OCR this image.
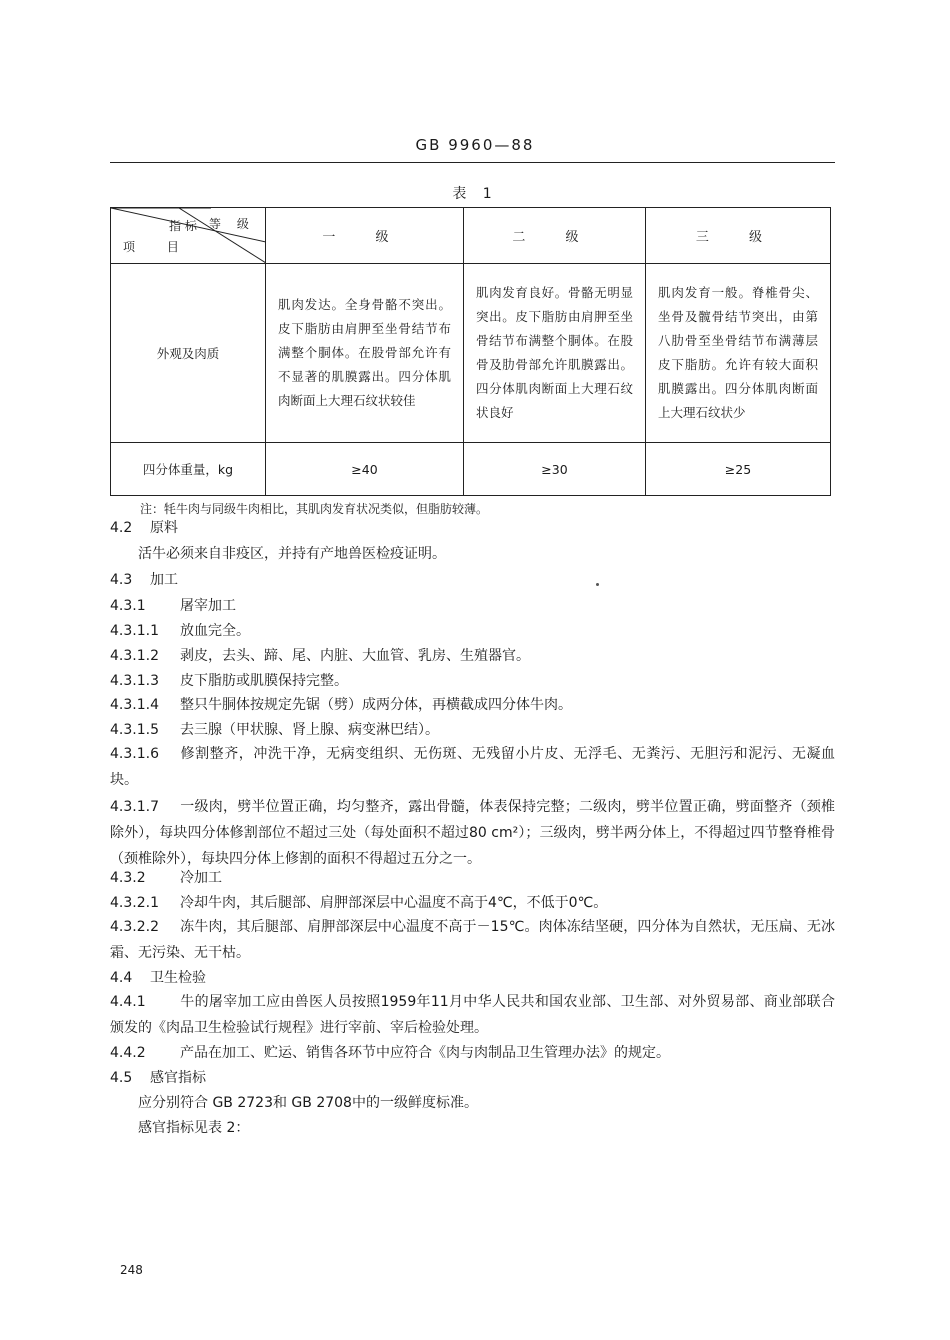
GB 9960—88
表 1
指 标 等 级
项 目	一 级	二 级	三 级
外观及肉质	肌肉发达。全身骨骼不突出。皮下脂肪由肩胛至坐骨结节布满整个胴体。在股骨部允许有不显著的肌膜露出。四分体肌肉断面上大理石纹状较佳	肌肉发育良好。骨骼无明显突出。皮下脂肪由肩胛至坐骨结节布满整个胴体。在股骨及肋骨部允许肌膜露出。四分体肌肉断面上大理石纹状良好	肌肉发育一般。脊椎骨尖、坐骨及髋骨结节突出，由第八肋骨至坐骨结节布满薄层皮下脂肪。允许有较大面积肌膜露出。四分体肌肉断面上大理石纹状少

四分体重量，kg	≥40	≥30	≥25
注：牦牛肉与同级牛肉相比，其肌肉发育状况类似，但脂肪较薄。
4.2 原料
活牛必须来自非疫区，并持有产地兽医检疫证明。
4.3 加工
4.3.1 屠宰加工
4.3.1.1 放血完全。
4.3.1.2 剥皮，去头、蹄、尾、内脏、大血管、乳房、生殖器官。
4.3.1.3 皮下脂肪或肌膜保持完整。
4.3.1.4 整只牛胴体按规定先锯（劈）成两分体，再横截成四分体牛肉。
4.3.1.5 去三腺（甲状腺、肾上腺、病变淋巴结）。
4.3.1.6 修割整齐，冲洗干净，无病变组织、无伤斑、无残留小片皮、无浮毛、无粪污、无胆污和泥污、无凝血块。
4.3.1.7 一级肉，劈半位置正确，均匀整齐，露出骨髓，体表保持完整；二级肉，劈半位置正确，劈面整齐（颈椎除外），每块四分体修割部位不超过三处（每处面积不超过80 cm²）；三级肉，劈半两分体上，不得超过四节整脊椎骨（颈椎除外），每块四分体上修割的面积不得超过五分之一。
4.3.2 冷加工
4.3.2.1 冷却牛肉，其后腿部、肩胛部深层中心温度不高于4℃，不低于0℃。
4.3.2.2 冻牛肉，其后腿部、肩胛部深层中心温度不高于－15℃。肉体冻结坚硬，四分体为自然状，无压扁、无冰霜、无污染、无干枯。
4.4 卫生检验
4.4.1 牛的屠宰加工应由兽医人员按照1959年11月中华人民共和国农业部、卫生部、对外贸易部、商业部联合颁发的《肉品卫生检验试行规程》进行宰前、宰后检验处理。
4.4.2 产品在加工、贮运、销售各环节中应符合《肉与肉制品卫生管理办法》的规定。
4.5 感官指标
应分别符合 GB 2723和 GB 2708中的一级鲜度标准。
感官指标见表 2：
248
